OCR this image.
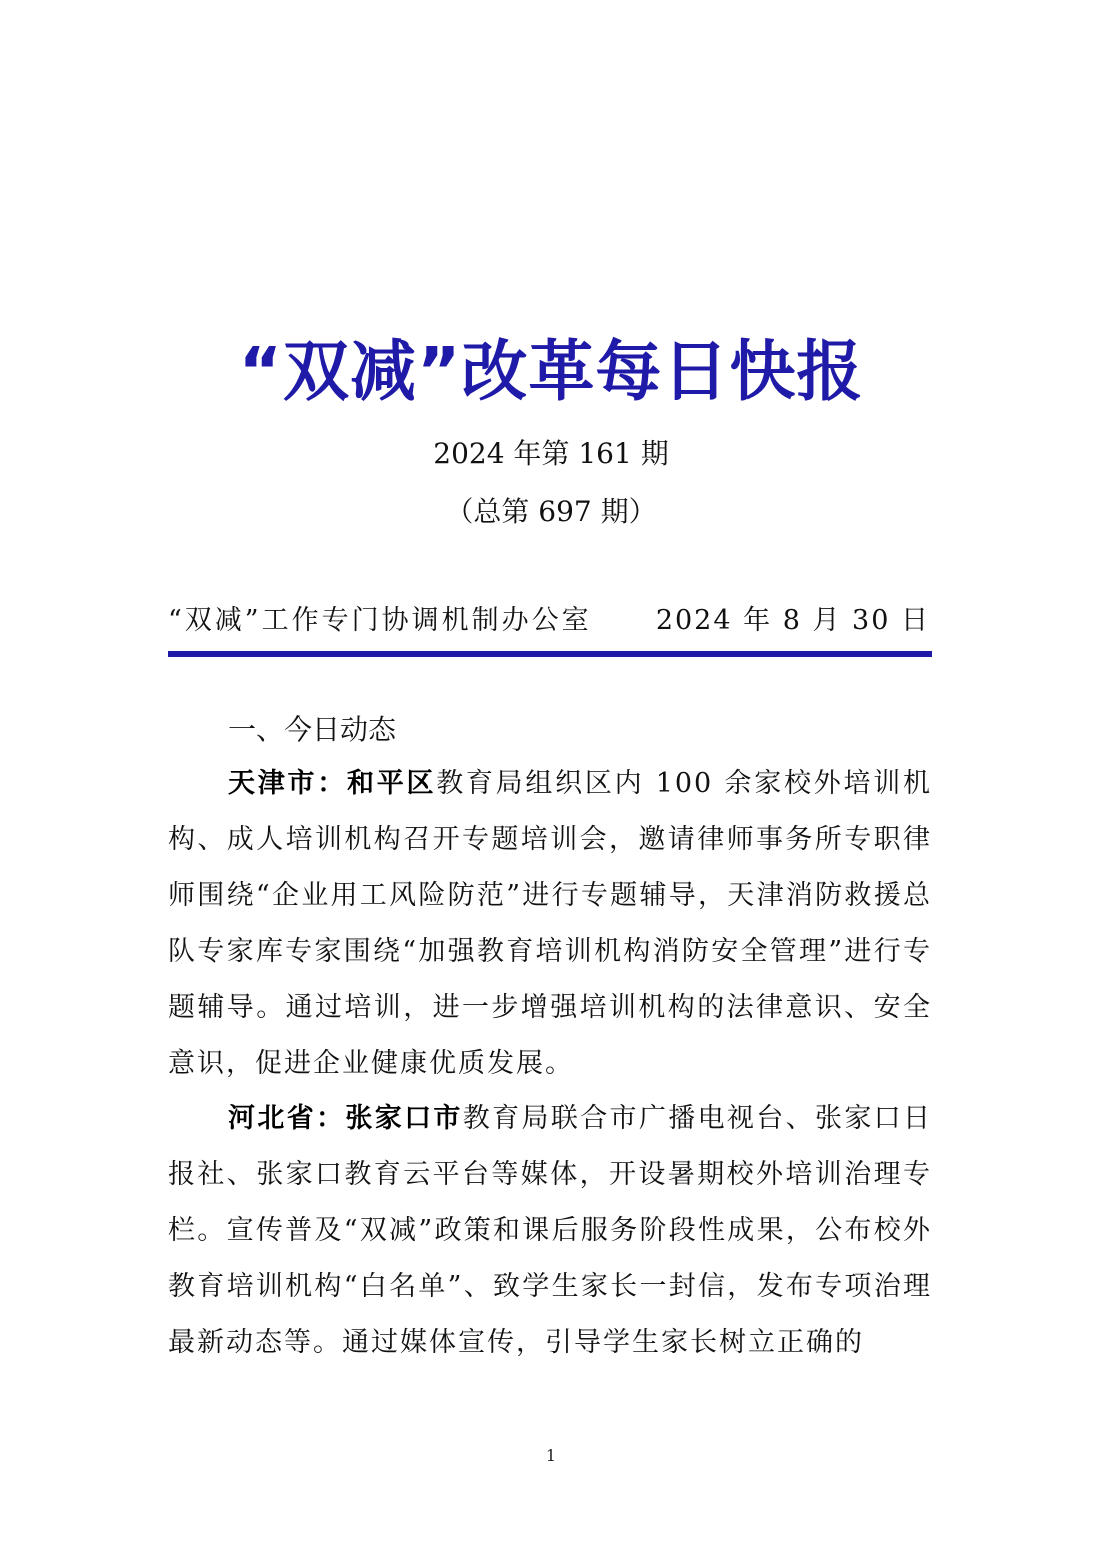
“双减”改革每日快报
2024 年第 161 期
（总第 697 期）
“双减”工作专门协调机制办公室 2024 年 8 月 30 日
一、今日动态

天津市：和平区教育局组织区内 100 余家校外培训机构、成人培训机构召开专题培训会，邀请律师事务所专职律师围绕“企业用工风险防范”进行专题辅导，天津消防救援总队专家库专家围绕“加强教育培训机构消防安全管理”进行专题辅导。通过培训，进一步增强培训机构的法律意识、安全意识，促进企业健康优质发展。

河北省：张家口市教育局联合市广播电视台、张家口日报社、张家口教育云平台等媒体，开设暑期校外培训治理专栏。宣传普及“双减”政策和课后服务阶段性成果，公布校外教育培训机构“白名单”、致学生家长一封信，发布专项治理最新动态等。通过媒体宣传，引导学生家长树立正确的

1
